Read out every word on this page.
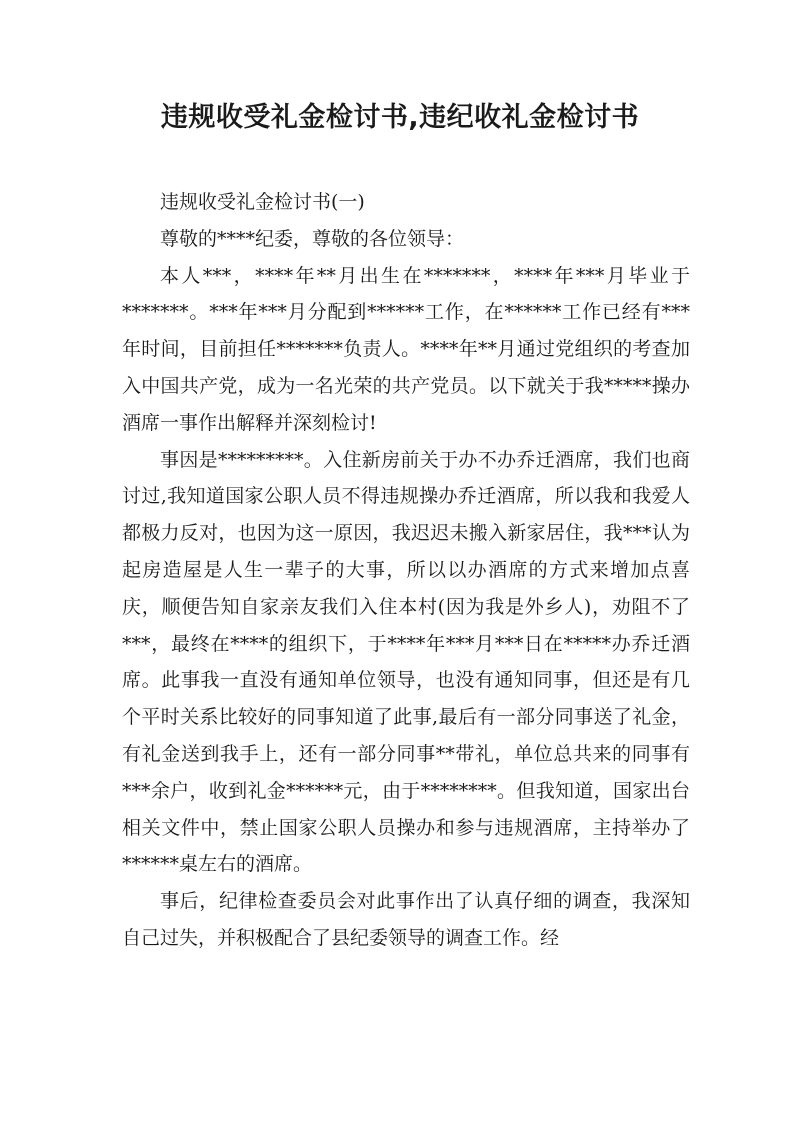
违规收受礼金检讨书,违纪收礼金检讨书

违规收受礼金检讨书(一)

尊敬的****纪委，尊敬的各位领导：

本人***，****年**月出生在*******，****年***月毕业于*******。***年***月分配到******工作，在******工作已经有***年时间，目前担任*******负责人。****年**月通过党组织的考查加入中国共产党，成为一名光荣的共产党员。以下就关于我*****操办酒席一事作出解释并深刻检讨!

事因是*********。入住新房前关于办不办乔迁酒席，我们也商讨过,我知道国家公职人员不得违规操办乔迁酒席，所以我和我爱人都极力反对，也因为这一原因，我迟迟未搬入新家居住，我***认为起房造屋是人生一辈子的大事，所以以办酒席的方式来增加点喜庆，顺便告知自家亲友我们入住本村(因为我是外乡人)，劝阻不了***，最终在****的组织下，于****年***月***日在*****办乔迁酒席。此事我一直没有通知单位领导，也没有通知同事，但还是有几个平时关系比较好的同事知道了此事,最后有一部分同事送了礼金，有礼金送到我手上，还有一部分同事**带礼，单位总共来的同事有***余户，收到礼金******元，由于********。但我知道，国家出台相关文件中，禁止国家公职人员操办和参与违规酒席，主持举办了******桌左右的酒席。

事后，纪律检查委员会对此事作出了认真仔细的调查，我深知自己过失，并积极配合了县纪委领导的调查工作。经
